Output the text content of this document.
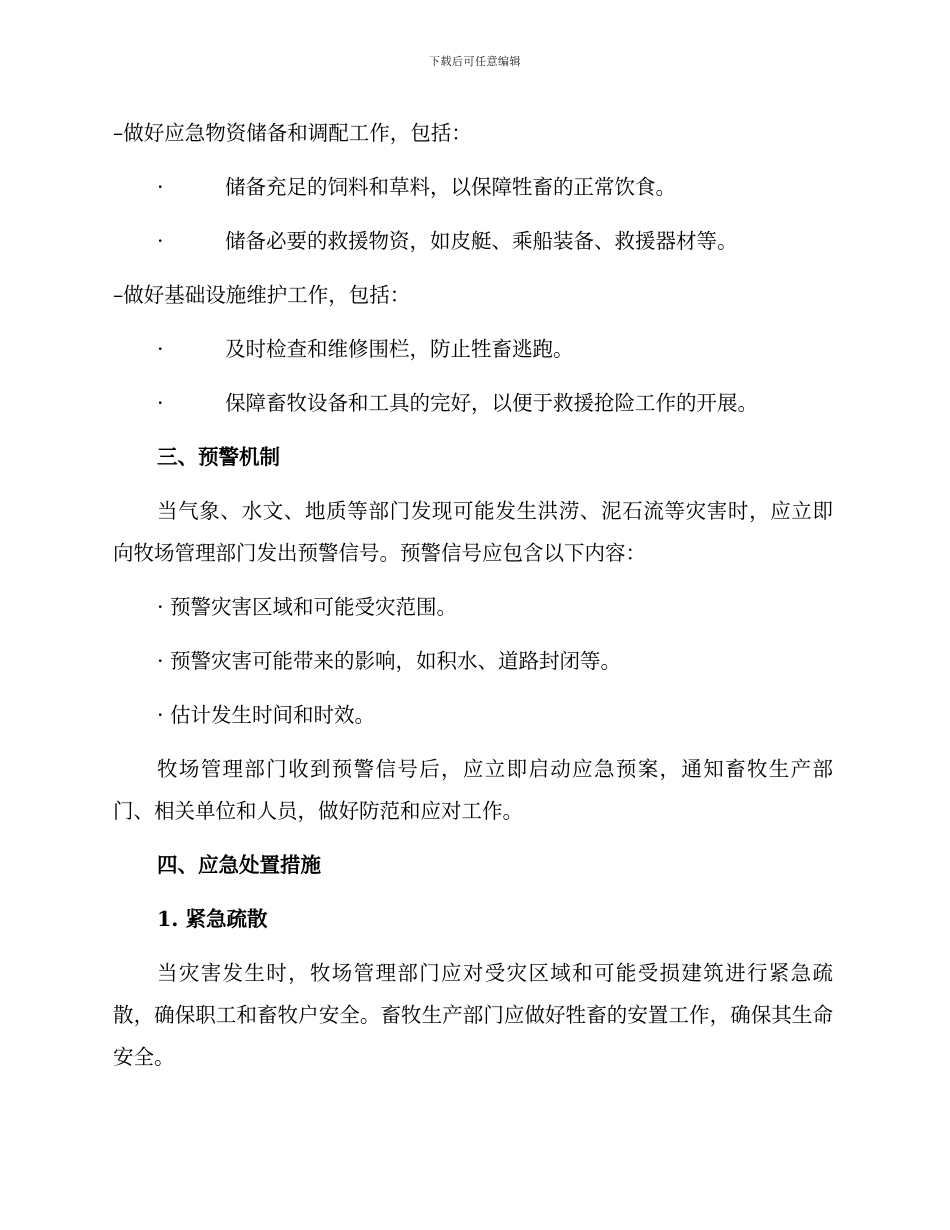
下载后可任意编辑

–做好应急物资储备和调配工作，包括：

·	储备充足的饲料和草料，以保障牲畜的正常饮食。
·	储备必要的救援物资，如皮艇、乘船装备、救援器材等。

–做好基础设施维护工作，包括：

·	及时检查和维修围栏，防止牲畜逃跑。
·	保障畜牧设备和工具的完好，以便于救援抢险工作的开展。

三、预警机制

当气象、水文、地质等部门发现可能发生洪涝、泥石流等灾害时，应立即向牧场管理部门发出预警信号。预警信号应包含以下内容：

· 预警灾害区域和可能受灾范围。

· 预警灾害可能带来的影响，如积水、道路封闭等。

· 估计发生时间和时效。

牧场管理部门收到预警信号后，应立即启动应急预案，通知畜牧生产部门、相关单位和人员，做好防范和应对工作。

四、应急处置措施

1. 紧急疏散

当灾害发生时，牧场管理部门应对受灾区域和可能受损建筑进行紧急疏散，确保职工和畜牧户安全。畜牧生产部门应做好牲畜的安置工作，确保其生命安全。
